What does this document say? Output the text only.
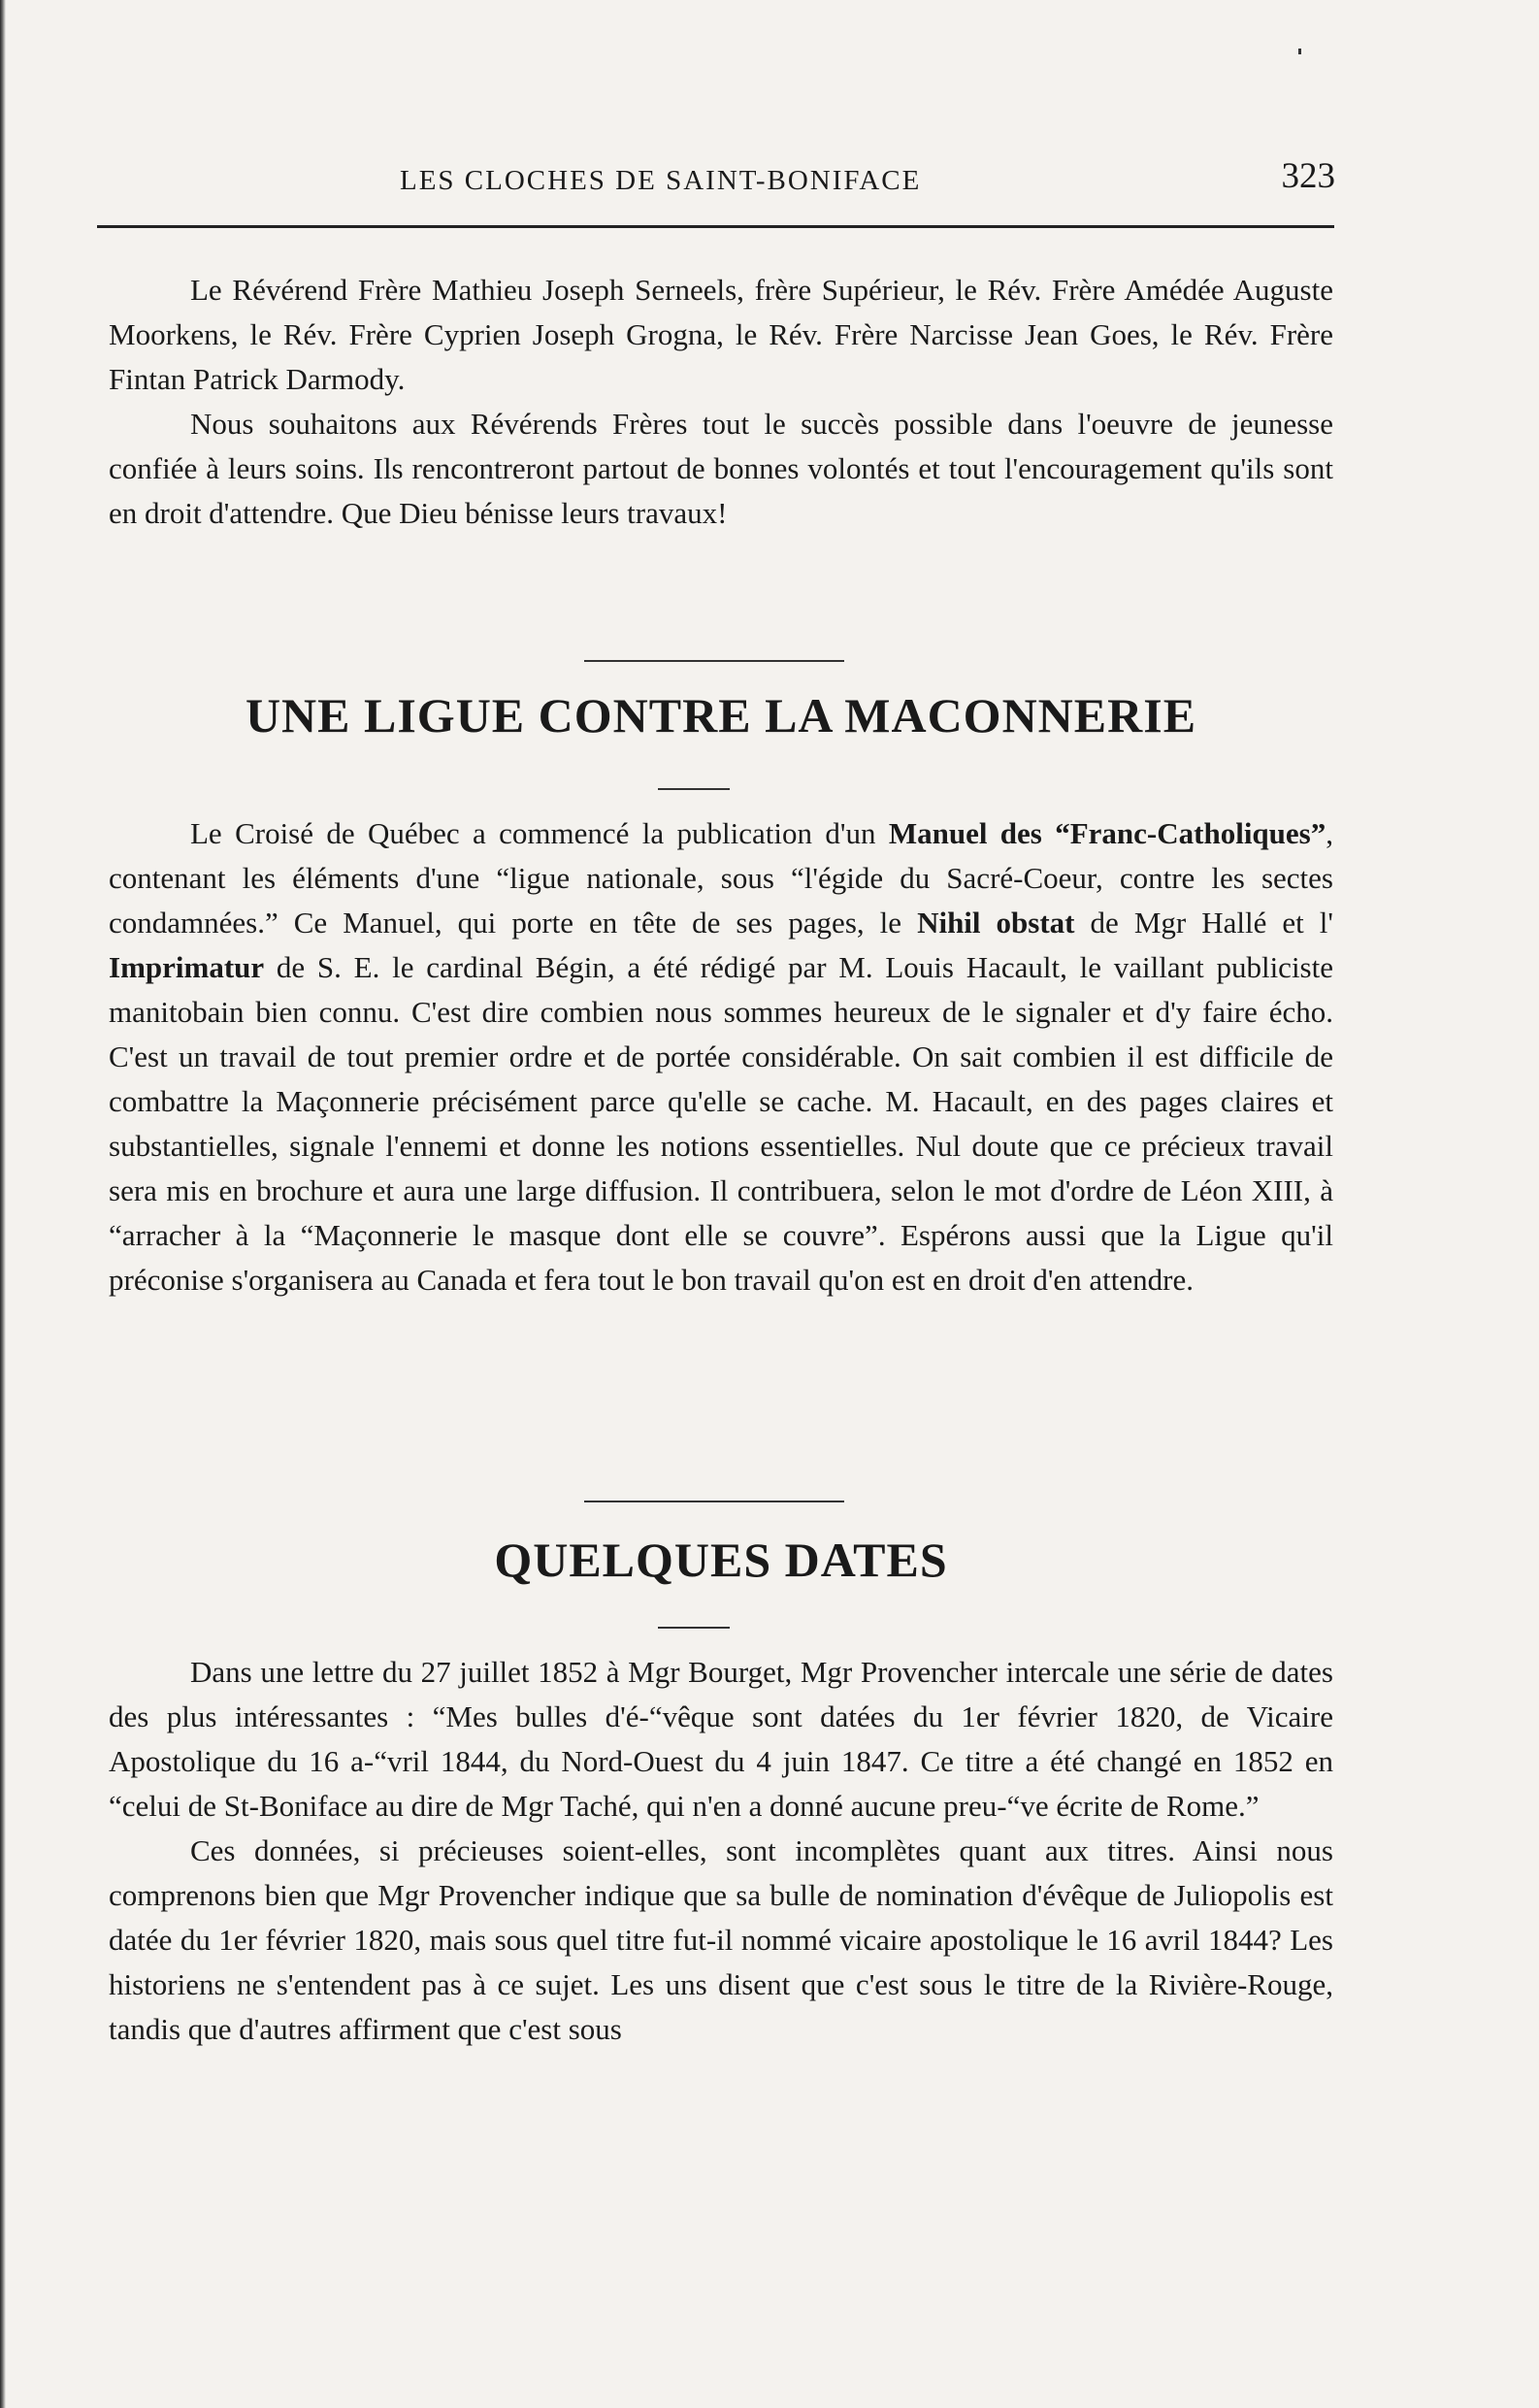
LES CLOCHES DE SAINT-BONIFACE	323

Le Révérend Frère Mathieu Joseph Serneels, frère Supérieur, le Rév. Frère Amédée Auguste Moorkens, le Rév. Frère Cyprien Joseph Grogna, le Rév. Frère Narcisse Jean Goes, le Rév. Frère Fintan Patrick Darmody.

Nous souhaitons aux Révérends Frères tout le succès possible dans l'oeuvre de jeunesse confiée à leurs soins. Ils rencontreront partout de bonnes volontés et tout l'encouragement qu'ils sont en droit d'attendre. Que Dieu bénisse leurs travaux!

UNE LIGUE CONTRE LA MACONNERIE

Le Croisé de Québec a commencé la publication d'un Manuel des “Franc-Catholiques”, contenant les éléments d'une “ligue nationale, sous “l'égide du Sacré-Coeur, contre les sectes condamnées.” Ce Manuel, qui porte en tête de ses pages, le Nihil obstat de Mgr Hallé et l' Imprimatur de S. E. le cardinal Bégin, a été rédigé par M. Louis Hacault, le vaillant publiciste manitobain bien connu. C'est dire combien nous sommes heureux de le signaler et d'y faire écho. C'est un travail de tout premier ordre et de portée considérable. On sait combien il est difficile de combattre la Maçonnerie précisément parce qu'elle se cache. M. Hacault, en des pages claires et substantielles, signale l'ennemi et donne les notions essentielles. Nul doute que ce précieux travail sera mis en brochure et aura une large diffusion. Il contribuera, selon le mot d'ordre de Léon XIII, à “arracher à la “Maçonnerie le masque dont elle se couvre”. Espérons aussi que la Ligue qu'il préconise s'organisera au Canada et fera tout le bon travail qu'on est en droit d'en attendre.

QUELQUES DATES

Dans une lettre du 27 juillet 1852 à Mgr Bourget, Mgr Provencher intercale une série de dates des plus intéressantes : “Mes bulles d'é-“vêque sont datées du 1er février 1820, de Vicaire Apostolique du 16 a-“vril 1844, du Nord-Ouest du 4 juin 1847. Ce titre a été changé en 1852 en “celui de St-Boniface au dire de Mgr Taché, qui n'en a donné aucune preu-“ve écrite de Rome.”

Ces données, si précieuses soient-elles, sont incomplètes quant aux titres. Ainsi nous comprenons bien que Mgr Provencher indique que sa bulle de nomination d'évêque de Juliopolis est datée du 1er février 1820, mais sous quel titre fut-il nommé vicaire apostolique le 16 avril 1844? Les historiens ne s'entendent pas à ce sujet. Les uns disent que c'est sous le titre de la Rivière-Rouge, tandis que d'autres affirment que c'est sous
